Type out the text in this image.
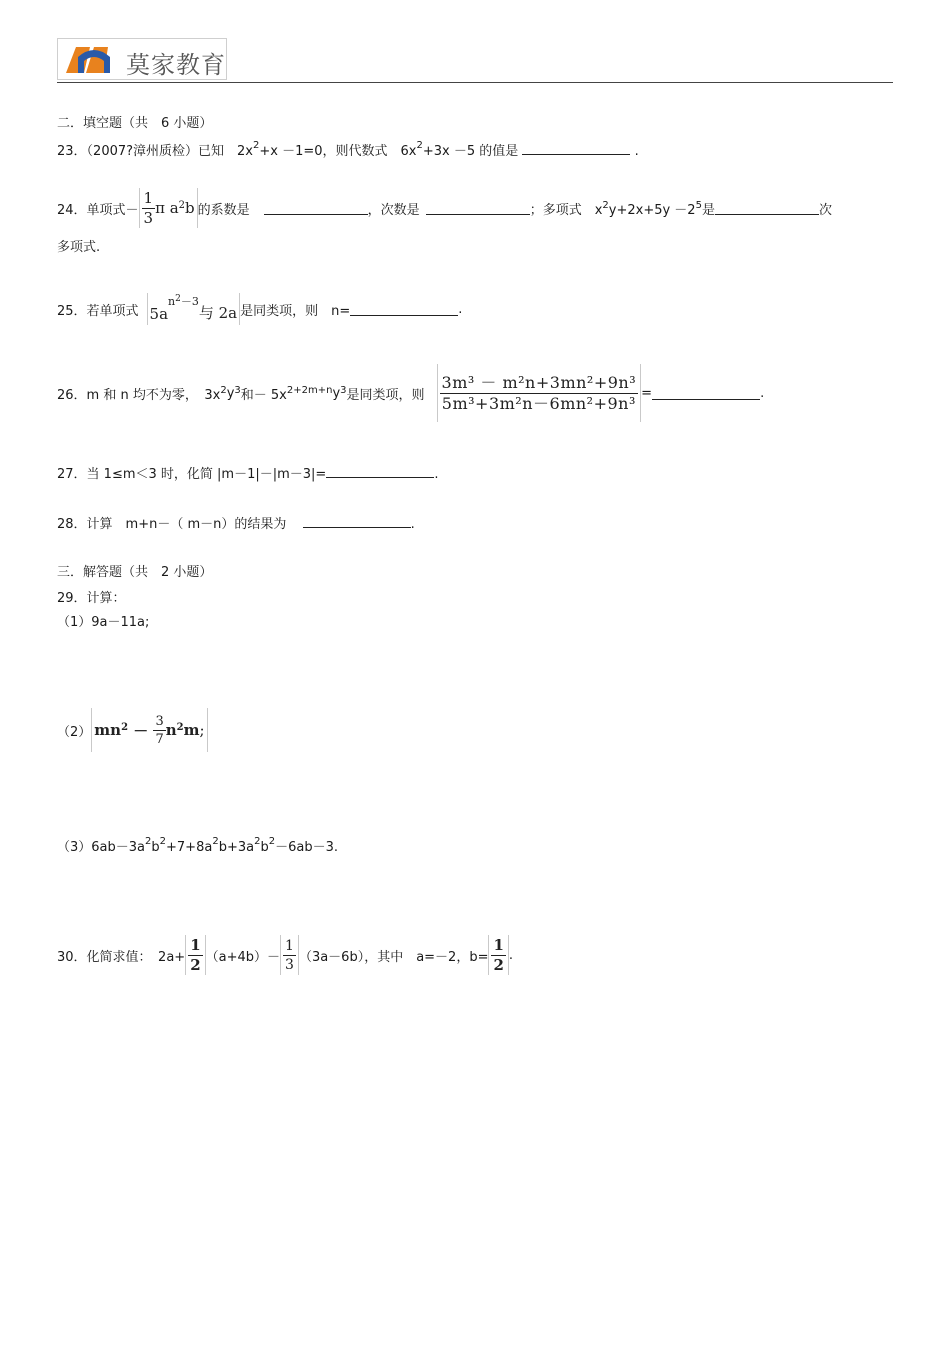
莫家教育
二．填空题（共　6 小题）
23．（2007?漳州质检）已知　$2x^2+x -1=0$，则代数式　$6x^2+3x -5$ 的值是	.
24．单项式－ $\frac{1}{3}$ π $a^2$ b 的系数是	，次数是	；多项式　$x^2$ $y+2x+5y -2^5$ 是	次
多项式.
25．若单项式 5a
$n^2-3$
与 2a 是同类项，则　n=	.
26．m 和 n 均不为零，　$3x^2$ $y^3$ 和－ $5x^{2+2m+n}$ $y^3$ 是同类项，则 $\frac{\text{3m³ － m²n+3mn²+9n³}}{\text{5m³+3m²n－6mn²+9n³}}$ =	.
27．当 1≤m＜3 时，化简 |m－1|－|m－3|=	.
28．计算　m+n－（ m－n）的结果为	.
三．解答题（共　2 小题）
29．计算：
（1）9a－11a;
（2） $mn^2 - \frac{3}{7} n^2$ m ;
$(3)6ab-3a^2b^2+7+8a^2b+3a^2b^2-6ab-3$.
30．化简求值：　$2a+ \frac{1}{2} (a+4b)- \frac{1}{3} (3a-6b)$，其中　a=－2，$b= \frac{1}{2}$ .
